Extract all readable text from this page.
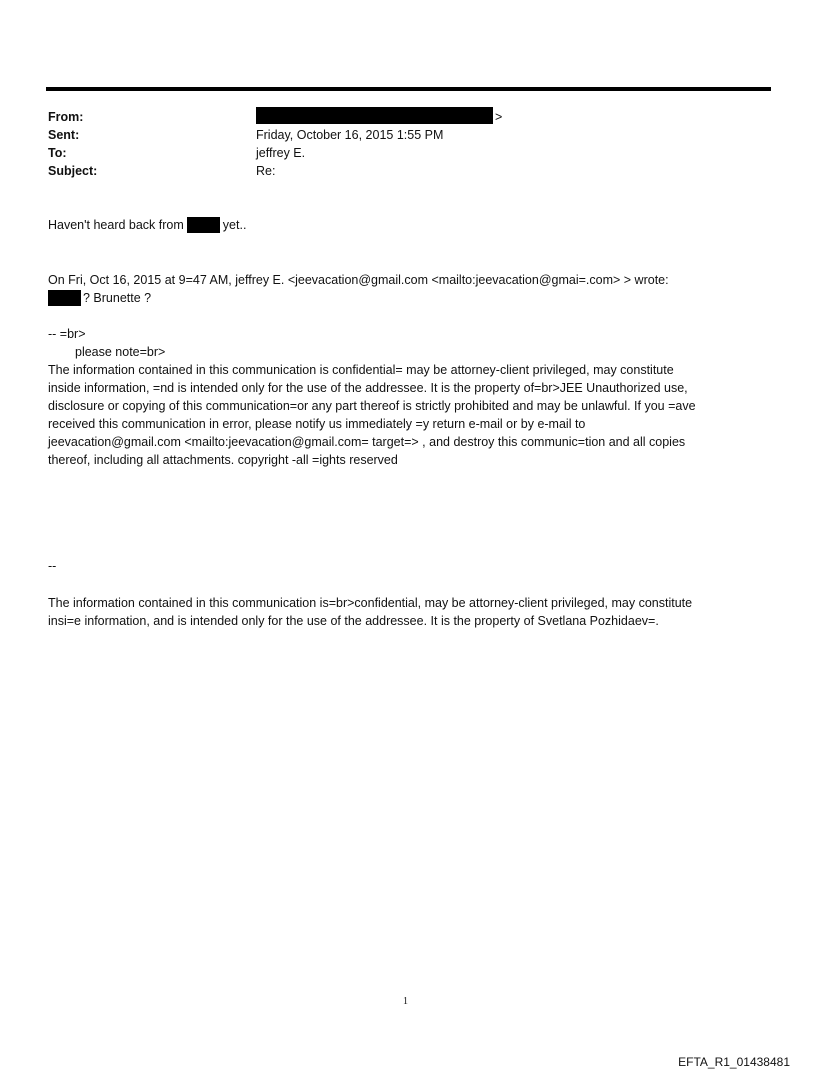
From:	>
Sent:	Friday, October 16, 2015 1:55 PM
To:	jeffrey E.
Subject:	Re:
Haven't heard back from	yet..
On Fri, Oct 16, 2015 at 9=47 AM, jeffrey E. <jeevacation@gmail.com <mailto:jeevacation@gmai=.com> > wrote:
? Brunette ?
-- =br>
please note=br>
The information contained in this communication is confidential= may be attorney-client privileged, may constitute
inside information, =nd is intended only for the use of the addressee. It is the property of=br>JEE Unauthorized use,
disclosure or copying of this communication=or any part thereof is strictly prohibited and may be unlawful. If you =ave
received this communication in error, please notify us immediately =y return e-mail or by e-mail to
jeevacation@gmail.com <mailto:jeevacation@gmail.com= target=> , and destroy this communic=tion and all copies
thereof, including all attachments. copyright -all =ights reserved
--
The information contained in this communication is=br>confidential, may be attorney-client privileged, may constitute
insi=e information, and is intended only for the use of the addressee. It is the property of Svetlana Pozhidaev=.
1
EFTA_R1_01438481
